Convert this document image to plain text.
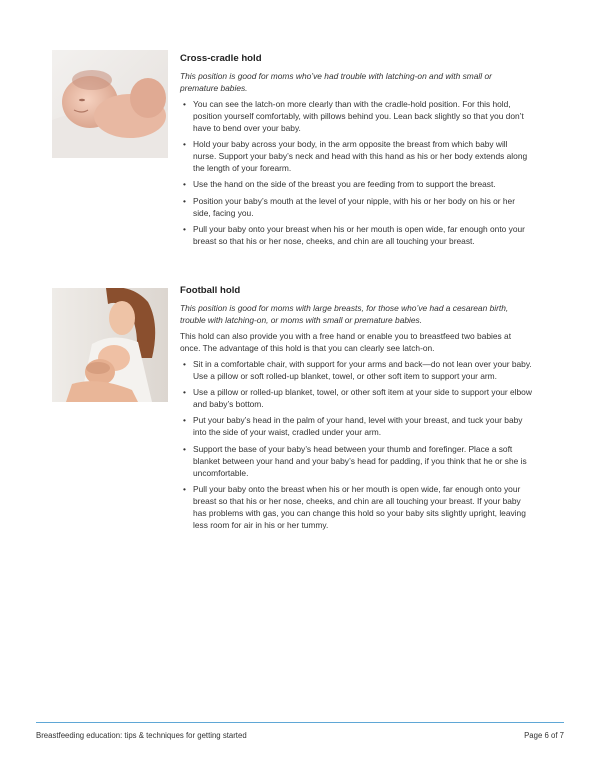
Cross-cradle hold
This position is good for moms who’ve had trouble with latching-on and with small or premature babies.
• You can see the latch-on more clearly than with the cradle-hold position. For this hold, position yourself comfortably, with pillows behind you. Lean back slightly so that you don’t have to bend over your baby.
• Hold your baby across your body, in the arm opposite the breast from which baby will nurse. Support your baby’s neck and head with this hand as his or her body extends along the length of your forearm.
• Use the hand on the side of the breast you are feeding from to support the breast.
• Position your baby’s mouth at the level of your nipple, with his or her body on his or her side, facing you.
• Pull your baby onto your breast when his or her mouth is open wide, far enough onto your breast so that his or her nose, cheeks, and chin are all touching your breast.
Football hold
This position is good for moms with large breasts, for those who’ve had a cesarean birth, trouble with latching-on, or moms with small or premature babies.
This hold can also provide you with a free hand or enable you to breastfeed two babies at once. The advantage of this hold is that you can clearly see latch-on.
• Sit in a comfortable chair, with support for your arms and back—do not lean over your baby. Use a pillow or soft rolled-up blanket, towel, or other soft item to support your arm.
• Use a pillow or rolled-up blanket, towel, or other soft item at your side to support your elbow and baby’s bottom.
• Put your baby’s head in the palm of your hand, level with your breast, and tuck your baby into the side of your waist, cradled under your arm.
• Support the base of your baby’s head between your thumb and forefinger. Place a soft blanket between your hand and your baby’s head for padding, if you think that he or she is uncomfortable.
• Pull your baby onto the breast when his or her mouth is open wide, far enough onto your breast so that his or her nose, cheeks, and chin are all touching your breast. If your baby has problems with gas, you can change this hold so your baby sits slightly upright, leaving less room for air in his or her tummy.
Breastfeeding education: tips & techniques for getting started	Page 6 of 7
